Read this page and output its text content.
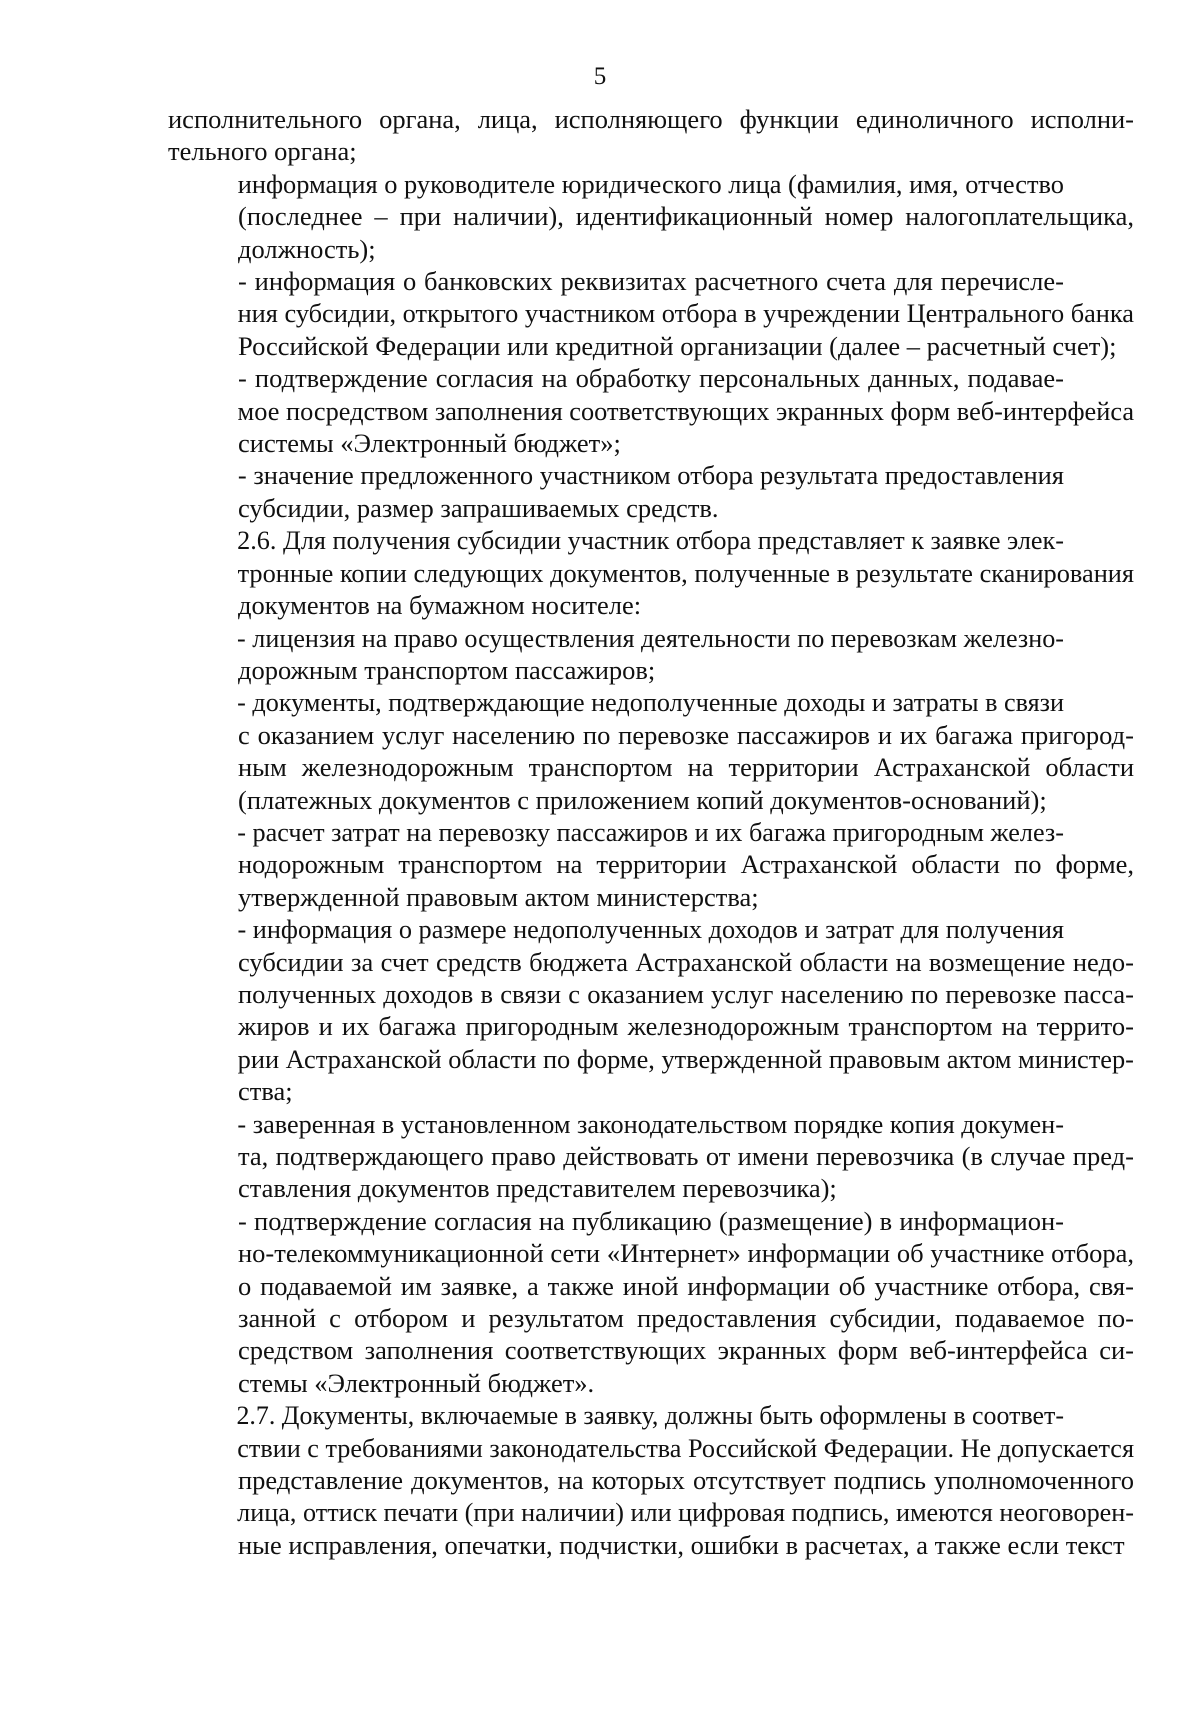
5

исполнительного органа, лица, исполняющего функции единоличного исполни-
тельного органа;

информация о руководителе юридического лица (фамилия, имя, отчество
(последнее – при наличии), идентификационный номер налогоплательщика,
должность);

- информация о банковских реквизитах расчетного счета для перечисле-
ния субсидии, открытого участником отбора в учреждении Центрального банка
Российской Федерации или кредитной организации (далее – расчетный счет);

- подтверждение согласия на обработку персональных данных, подавае-
мое посредством заполнения соответствующих экранных форм веб-интерфейса
системы «Электронный бюджет»;

- значение предложенного участником отбора результата предоставления
субсидии, размер запрашиваемых средств.

2.6. Для получения субсидии участник отбора представляет к заявке элек-
тронные копии следующих документов, полученные в результате сканирования
документов на бумажном носителе:

- лицензия на право осуществления деятельности по перевозкам железно-
дорожным транспортом пассажиров;

- документы, подтверждающие недополученные доходы и затраты в связи
с оказанием услуг населению по перевозке пассажиров и их багажа пригород-
ным железнодорожным транспортом на территории Астраханской области
(платежных документов с приложением копий документов-оснований);

- расчет затрат на перевозку пассажиров и их багажа пригородным желез-
нодорожным транспортом на территории Астраханской области по форме,
утвержденной правовым актом министерства;

- информация о размере недополученных доходов и затрат для получения
субсидии за счет средств бюджета Астраханской области на возмещение недо-
полученных доходов в связи с оказанием услуг населению по перевозке пасса-
жиров и их багажа пригородным железнодорожным транспортом на террито-
рии Астраханской области по форме, утвержденной правовым актом министер-
ства;

- заверенная в установленном законодательством порядке копия докумен-
та, подтверждающего право действовать от имени перевозчика (в случае пред-
ставления документов представителем перевозчика);

- подтверждение согласия на публикацию (размещение) в информацион-
но-телекоммуникационной сети «Интернет» информации об участнике отбора,
о подаваемой им заявке, а также иной информации об участнике отбора, свя-
занной с отбором и результатом предоставления субсидии, подаваемое по-
средством заполнения соответствующих экранных форм веб-интерфейса си-
стемы «Электронный бюджет».

2.7. Документы, включаемые в заявку, должны быть оформлены в соответ-
ствии с требованиями законодательства Российской Федерации. Не допускается
представление документов, на которых отсутствует подпись уполномоченного
лица, оттиск печати (при наличии) или цифровая подпись, имеются неоговорен-
ные исправления, опечатки, подчистки, ошибки в расчетах, а также если текст
